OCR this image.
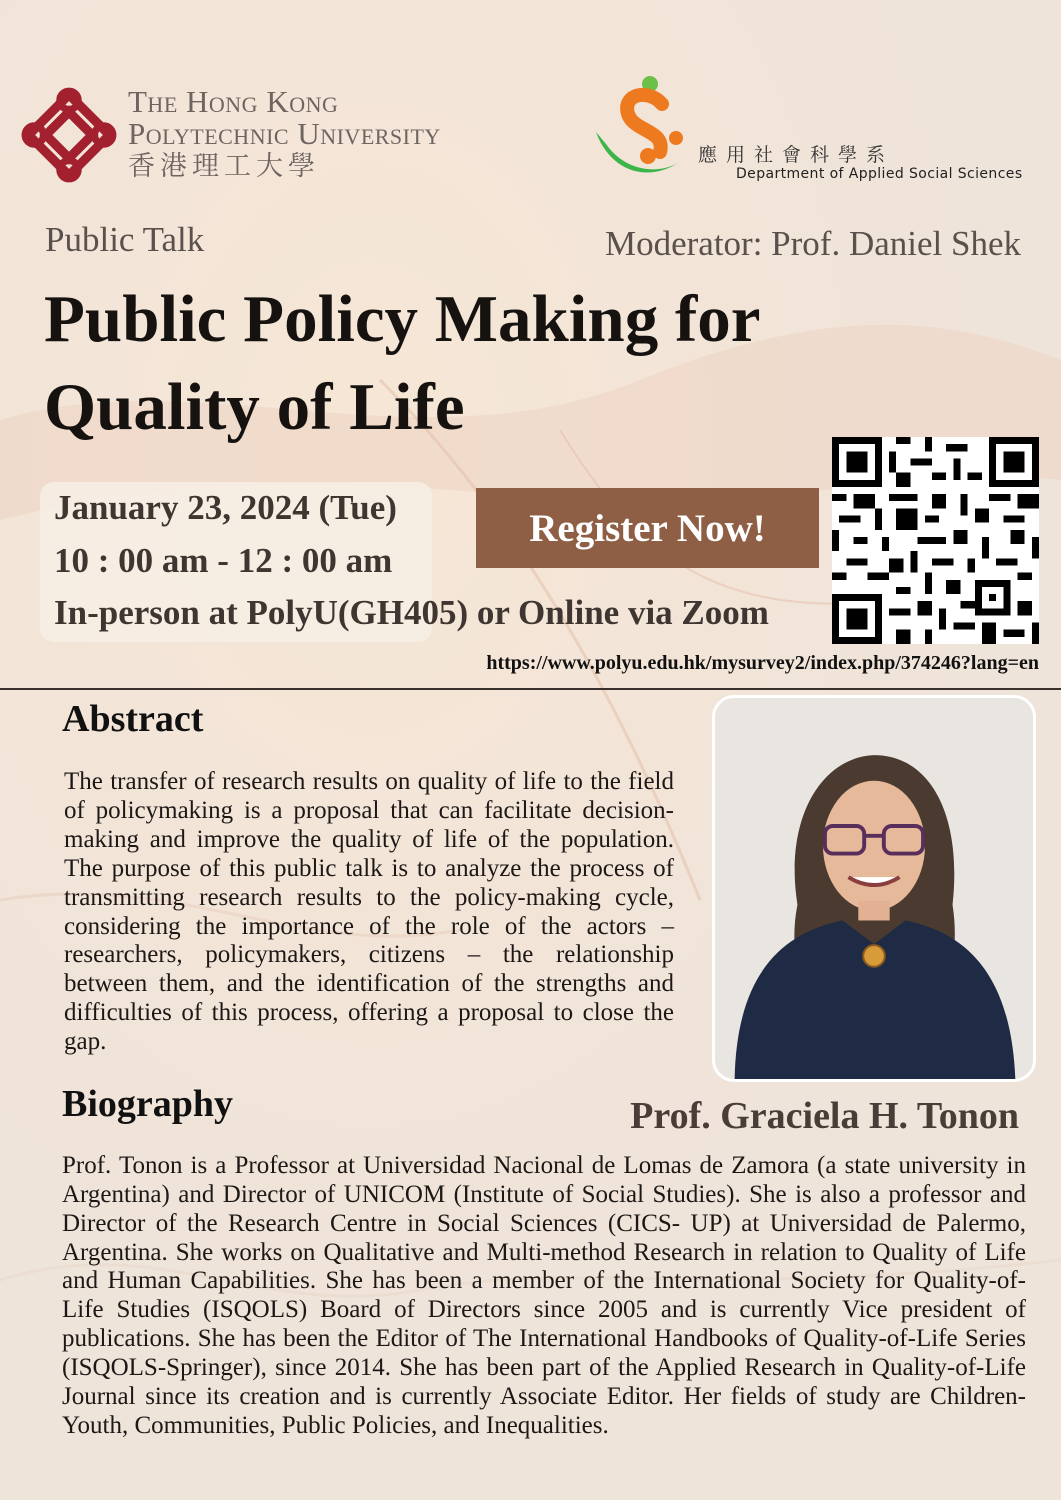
The Hong Kong
Polytechnic University
香港理工大學	應用社會科學系
Department of Applied Social Sciences
Public Talk	Moderator: Prof. Daniel Shek
Public Policy Making for
Quality of Life
January 23, 2024 (Tue)
10 : 00 am - 12 : 00 am
In-person at PolyU(GH405) or Online via Zoom
Register Now!
https://www.polyu.edu.hk/mysurvey2/index.php/374246?lang=en
Abstract

The transfer of research results on quality of life to the field of policymaking is a proposal that can facilitate decision-making and improve the quality of life of the population. The purpose of this public talk is to analyze the process of transmitting research results to the policy-making cycle, considering the importance of the role of the actors – researchers, policymakers, citizens – the relationship between them, and the identification of the strengths and difficulties of this process, offering a proposal to close the gap.

Biography	Prof. Graciela H. Tonon

Prof. Tonon is a Professor at Universidad Nacional de Lomas de Zamora (a state university in Argentina) and Director of UNICOM (Institute of Social Studies). She is also a professor and Director of the Research Centre in Social Sciences (CICS- UP) at Universidad de Palermo, Argentina. She works on Qualitative and Multi-method Research in relation to Quality of Life and Human Capabilities. She has been a member of the International Society for Quality-of-Life Studies (ISQOLS) Board of Directors since 2005 and is currently Vice president of publications. She has been the Editor of The International Handbooks of Quality-of-Life Series (ISQOLS-Springer), since 2014. She has been part of the Applied Research in Quality-of-Life Journal since its creation and is currently Associate Editor. Her fields of study are Children-Youth, Communities, Public Policies, and Inequalities.
